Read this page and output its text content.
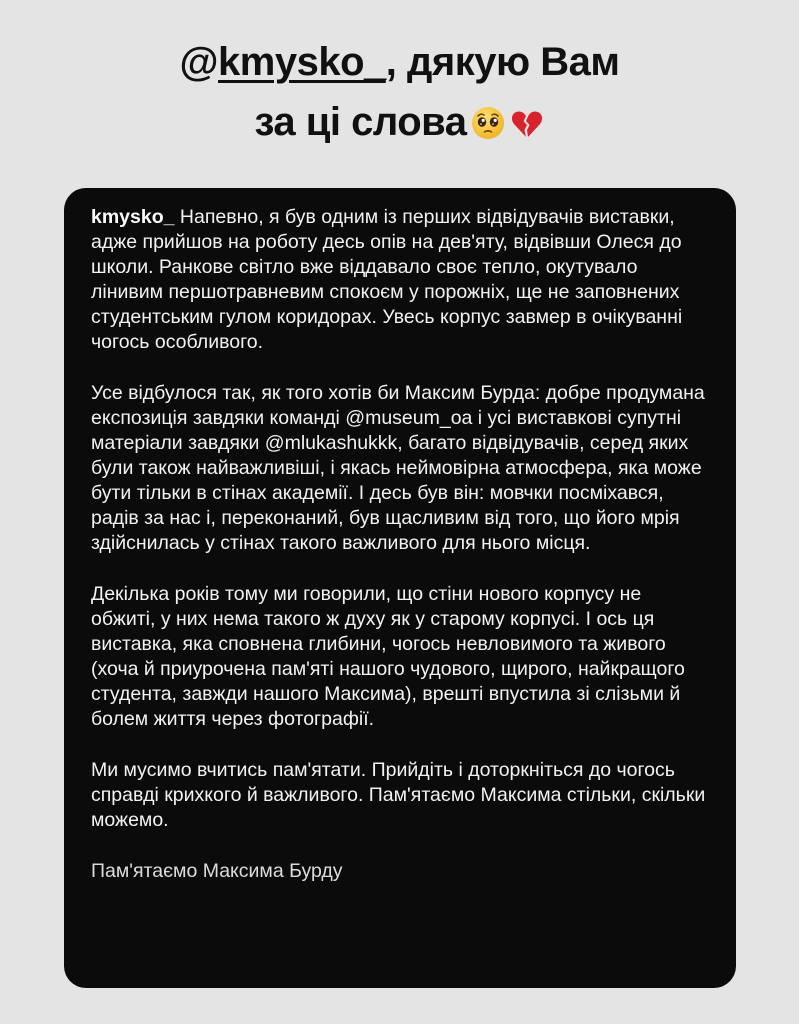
@kmysko_, дякую Вам
за ці слова

kmysko_ Напевно, я був одним із перших відвідувачів виставки, адже прийшов на роботу десь опів на дев'яту, відвівши Олеся до школи. Ранкове світло вже віддавало своє тепло, окутувало лінивим першотравневим спокоєм у порожніх, ще не заповнених студентським гулом коридорах. Увесь корпус завмер в очікуванні чогось особливого.

Усе відбулося так, як того хотів би Максим Бурда: добре продумана експозиція завдяки команді @museum_oa і усі виставкові супутні матеріали завдяки @mlukashukkk, багато відвідувачів, серед яких були також найважливіші, і якась неймовірна атмосфера, яка може бути тільки в стінах академії. І десь був він: мовчки посміхався, радів за нас і, переконаний, був щасливим від того, що його мрія здійснилась у стінах такого важливого для нього місця.

Декілька років тому ми говорили, що стіни нового корпусу не обжиті, у них нема такого ж духу як у старому корпусі. І ось ця виставка, яка сповнена глибини, чогось невловимого та живого (хоча й приурочена пам'яті нашого чудового, щирого, найкращого студента, завжди нашого Максима), врешті впустила зі слізьми й болем життя через фотографії.

Ми мусимо вчитись пам'ятати. Прийдіть і доторкніться до чогось справді крихкого й важливого. Пам'ятаємо Максима стільки, скільки можемо.

Пам'ятаємо Максима Бурду
